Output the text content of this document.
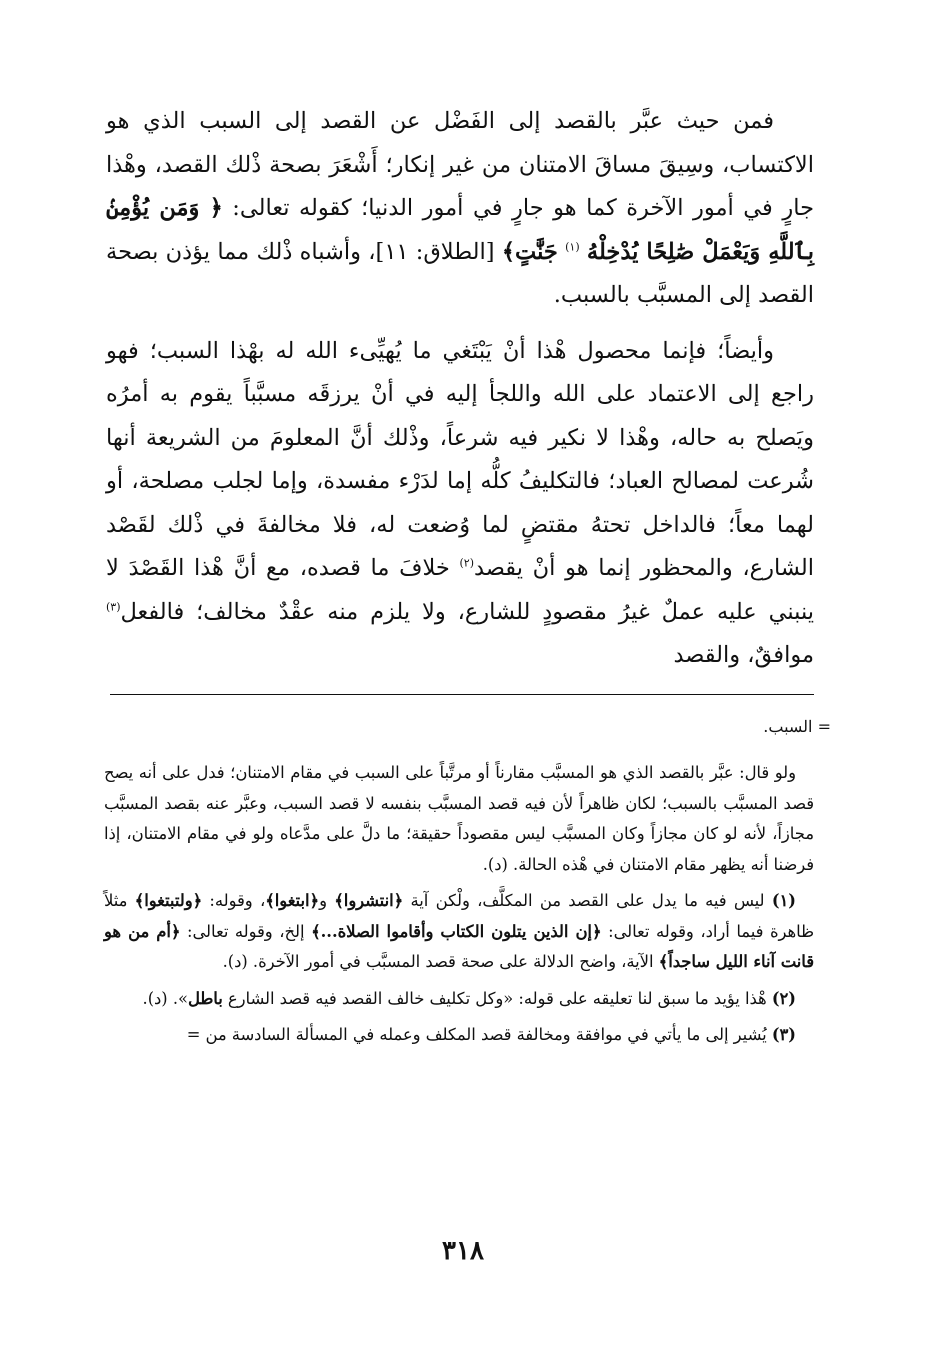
فمن حيث عبَّر بالقصد إلى الفَضْل عن القصد إلى السبب الذي هو الاكتساب، وسِيقَ مساقَ الامتنان من غير إنكار؛ أَشْعَرَ بصحة ذْلك القصد، وهْذا جارٍ في أمور الآخرة كما هو جارٍ في أمور الدنيا؛ كقوله تعالى: ﴿ وَمَن يُؤْمِنۢ بِٱللَّهِ وَيَعْمَلْ صَٰلِحًا يُدْخِلْهُ $^{(١)}$ جَنَّٰتٍ﴾ [الطلاق: ١١]، وأشباه ذْلك مما يؤذن بصحة القصد إلى المسبَّب بالسبب.

وأيضاً؛ فإنما محصول هْذا أنْ يَبْتَغي ما يُهيِّىء الله له بهْذا السبب؛ فهو راجع إلى الاعتماد على الله واللجأ إليه في أنْ يرزقَه مسبَّباً يقوم به أمرُه ويَصلح به حاله، وهْذا لا نكير فيه شرعاً، وذْلك أنَّ المعلومَ من الشريعة أنها شُرعت لمصالح العباد؛ فالتكليفُ كلُّه إما لدَرْء مفسدة، وإما لجلب مصلحة، أو لهما معاً؛ فالداخل تحتهُ مقتضٍ لما وُضعت له، فلا مخالفةَ في ذْلك لقَصْد الشارع، والمحظور إنما هو أنْ يقصد$^{(٢)}$ خلافَ ما قصده، مع أنَّ هْذا القَصْدَ لا ينبني عليه عملٌ غيرُ مقصودٍ للشارع، ولا يلزم منه عقْدٌ مخالف؛ فالفعل$^{(٣)}$ موافقٌ، والقصد

= السبب.

ولو قال: عبَّر بالقصد الذي هو المسبَّب مقارناً أو مرتَّباً على السبب في مقام الامتنان؛ فدل على أنه يصح قصد المسبَّب بالسبب؛ لكان ظاهراً لأن فيه قصد المسبَّب بنفسه لا قصد السبب، وعبَّر عنه بقصد المسبَّب مجازاً، لأنه لو كان مجازاً وكان المسبَّب ليس مقصوداً حقيقة؛ ما دلَّ على مدَّعاه ولو في مقام الامتنان، إذا فرضنا أنه يظهر مقام الامتنان في هْذه الحالة. (د).

(١) ليس فيه ما يدل على القصد من المكلَّف، ولْكن آية ﴿انتشروا﴾ و﴿ابتغوا﴾، وقوله: ﴿ولتبتغوا﴾ مثلاً ظاهرة فيما أراد، وقوله تعالى: ﴿إن الذين يتلون الكتاب وأقاموا الصلاة...﴾ إلخ، وقوله تعالى: ﴿أم من هو قانت آناء الليل ساجداً﴾ الآية، واضح الدلالة على صحة قصد المسبَّب في أمور الآخرة. (د).

(٢) هْذا يؤيد ما سبق لنا تعليقه على قوله: «وكل تكليف خالف القصد فيه قصد الشارع باطل». (د).

(٣) يُشير إلى ما يأتي في موافقة ومخالفة قصد المكلف وعمله في المسألة السادسة من =

٣١٨
